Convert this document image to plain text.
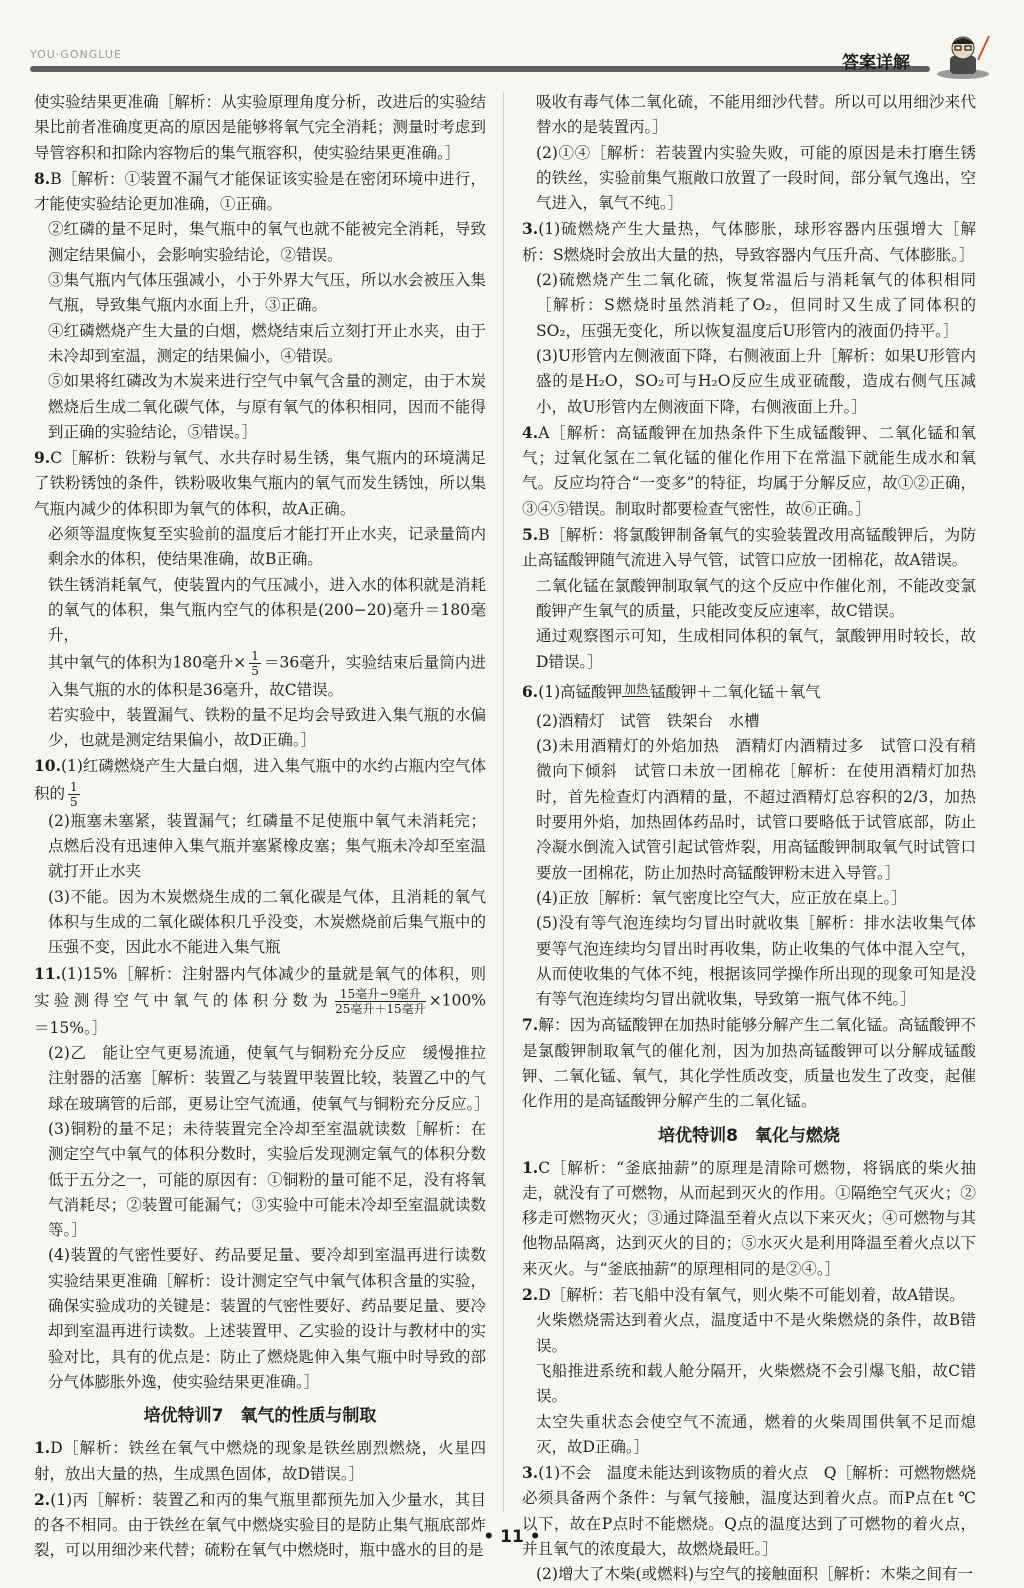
YOU·GONGLUE	答案详解

使实验结果更准确［解析：从实验原理角度分析，改进后的实验结果比前者准确度更高的原因是能够将氧气完全消耗；测量时考虑到导管容积和扣除内容物后的集气瓶容积，使实验结果更准确。］

8.B［解析：①装置不漏气才能保证该实验是在密闭环境中进行，才能使实验结论更加准确，①正确。

②红磷的量不足时，集气瓶中的氧气也就不能被完全消耗，导致测定结果偏小，会影响实验结论，②错误。

③集气瓶内气体压强减小，小于外界大气压，所以水会被压入集气瓶，导致集气瓶内水面上升，③正确。

④红磷燃烧产生大量的白烟，燃烧结束后立刻打开止水夹，由于未冷却到室温，测定的结果偏小，④错误。

⑤如果将红磷改为木炭来进行空气中氧气含量的测定，由于木炭燃烧后生成二氧化碳气体，与原有氧气的体积相同，因而不能得到正确的实验结论，⑤错误。］

9.C［解析：铁粉与氧气、水共存时易生锈，集气瓶内的环境满足了铁粉锈蚀的条件，铁粉吸收集气瓶内的氧气而发生锈蚀，所以集气瓶内减少的体积即为氧气的体积，故A正确。

必须等温度恢复至实验前的温度后才能打开止水夹，记录量筒内剩余水的体积，使结果准确，故B正确。

铁生锈消耗氧气，使装置内的气压减小，进入水的体积就是消耗的氧气的体积，集气瓶内空气的体积是(200−20)毫升＝180毫升，

其中氧气的体积为180毫升× $\frac{1}{5} =36$毫升，实验结束后量筒内进入集气瓶的水的体积是36毫升，故C错误。

若实验中，装置漏气、铁粉的量不足均会导致进入集气瓶的水偏少，也就是测定结果偏小，故D正确。］

10.(1)红磷燃烧产生大量白烟，进入集气瓶中的水约占瓶内空气体积的 $\frac{1}{5}$

(2)瓶塞未塞紧，装置漏气；红磷量不足使瓶中氧气未消耗完；点燃后没有迅速伸入集气瓶并塞紧橡皮塞；集气瓶未冷却至室温就打开止水夹

(3)不能。因为木炭燃烧生成的二氧化碳是气体，且消耗的氧气体积与生成的二氧化碳体积几乎没变，木炭燃烧前后集气瓶中的压强不变，因此水不能进入集气瓶

11.(1)15%［解析：注射器内气体减少的量就是氧气的体积，则实验测得空气中氧气的体积分数为 $\frac{\text{15毫升−9毫升}}{\text{25毫升＋15毫升}} \times 100\%=15\%$。］

(2)乙　能让空气更易流通，使氧气与铜粉充分反应　缓慢推拉注射器的活塞［解析：装置乙与装置甲装置比较，装置乙中的气球在玻璃管的后部，更易让空气流通，使氧气与铜粉充分反应。］

(3)铜粉的量不足；未待装置完全冷却至室温就读数［解析：在测定空气中氧气的体积分数时，实验后发现测定氧气的体积分数低于五分之一，可能的原因有：①铜粉的量可能不足，没有将氧气消耗尽；②装置可能漏气；③实验中可能未冷却至室温就读数等。］

(4)装置的气密性要好、药品要足量、要冷却到室温再进行读数　实验结果更准确［解析：设计测定空气中氧气体积含量的实验，确保实验成功的关键是：装置的气密性要好、药品要足量、要冷却到室温再进行读数。上述装置甲、乙实验的设计与教材中的实验对比，具有的优点是：防止了燃烧匙伸入集气瓶中时导致的部分气体膨胀外逸，使实验结果更准确。］

培优特训7　氧气的性质与制取

1.D［解析：铁丝在氧气中燃烧的现象是铁丝剧烈燃烧，火星四射，放出大量的热，生成黑色固体，故D错误。］

2.(1)丙［解析：装置乙和丙的集气瓶里都预先加入少量水，其目的各不相同。由于铁丝在氧气中燃烧实验目的是防止集气瓶底部炸裂，可以用细沙来代替；硫粉在氧气中燃烧时，瓶中盛水的目的是

吸收有毒气体二氧化硫，不能用细沙代替。所以可以用细沙来代替水的是装置丙。］

(2)①④［解析：若装置内实验失败，可能的原因是未打磨生锈的铁丝，实验前集气瓶敞口放置了一段时间，部分氧气逸出，空气进入，氧气不纯。］

3.(1)硫燃烧产生大量热，气体膨胀，球形容器内压强增大［解析：S燃烧时会放出大量的热，导致容器内气压升高、气体膨胀。］

(2)硫燃烧产生二氧化硫，恢复常温后与消耗氧气的体积相同［解析：S燃烧时虽然消耗了O₂，但同时又生成了同体积的SO₂，压强无变化，所以恢复温度后U形管内的液面仍持平。］

(3)U形管内左侧液面下降，右侧液面上升［解析：如果U形管内盛的是H₂O，SO₂可与H₂O反应生成亚硫酸，造成右侧气压减小，故U形管内左侧液面下降，右侧液面上升。］

4.A［解析：高锰酸钾在加热条件下生成锰酸钾、二氧化锰和氧气；过氧化氢在二氧化锰的催化作用下在常温下就能生成水和氧气。反应均符合“一变多”的特征，均属于分解反应，故①②正确，③④⑤错误。制取时都要检查气密性，故⑥正确。］

5.B［解析：将氯酸钾制备氧气的实验装置改用高锰酸钾后，为防止高锰酸钾随气流进入导气管，试管口应放一团棉花，故A错误。

二氧化锰在氯酸钾制取氧气的这个反应中作催化剂，不能改变氯酸钾产生氧气的质量，只能改变反应速率，故C错误。

通过观察图示可知，生成相同体积的氧气，氯酸钾用时较长，故D错误。］

6.(1)高锰酸钾 加热 锰酸钾＋二氧化锰＋氧气

(2)酒精灯　试管　铁架台　水槽

(3)未用酒精灯的外焰加热　酒精灯内酒精过多　试管口没有稍微向下倾斜　试管口未放一团棉花［解析：在使用酒精灯加热时，首先检查灯内酒精的量，不超过酒精灯总容积的2/3，加热时要用外焰，加热固体药品时，试管口要略低于试管底部，防止冷凝水倒流入试管引起试管炸裂，用高锰酸钾制取氧气时试管口要放一团棉花，防止加热时高锰酸钾粉末进入导管。］

(4)正放［解析：氧气密度比空气大，应正放在桌上。］

(5)没有等气泡连续均匀冒出时就收集［解析：排水法收集气体要等气泡连续均匀冒出时再收集，防止收集的气体中混入空气，从而使收集的气体不纯，根据该同学操作所出现的现象可知是没有等气泡连续均匀冒出就收集，导致第一瓶气体不纯。］

7.解：因为高锰酸钾在加热时能够分解产生二氧化锰。高锰酸钾不是氯酸钾制取氧气的催化剂，因为加热高锰酸钾可以分解成锰酸钾、二氧化锰、氧气，其化学性质改变，质量也发生了改变，起催化作用的是高锰酸钾分解产生的二氧化锰。

培优特训8　氧化与燃烧

1.C［解析：“釜底抽薪”的原理是清除可燃物，将锅底的柴火抽走，就没有了可燃物，从而起到灭火的作用。①隔绝空气灭火；②移走可燃物灭火；③通过降温至着火点以下来灭火；④可燃物与其他物品隔离，达到灭火的目的；⑤水灭火是利用降温至着火点以下来灭火。与“釜底抽薪”的原理相同的是②④。］

2.D［解析：若飞船中没有氧气，则火柴不可能划着，故A错误。

火柴燃烧需达到着火点，温度适中不是火柴燃烧的条件，故B错误。

飞船推进系统和载人舱分隔开，火柴燃烧不会引爆飞船，故C错误。

太空失重状态会使空气不流通，燃着的火柴周围供氧不足而熄灭，故D正确。］

3.(1)不会　温度未能达到该物质的着火点　Q［解析：可燃物燃烧必须具备两个条件：与氧气接触，温度达到着火点。而P点在t ℃以下，故在P点时不能燃烧。Q点的温度达到了可燃物的着火点，并且氧气的浓度最大，故燃烧最旺。］

(2)增大了木柴(或燃料)与空气的接触面积［解析：木柴之间有一

• 11 •
